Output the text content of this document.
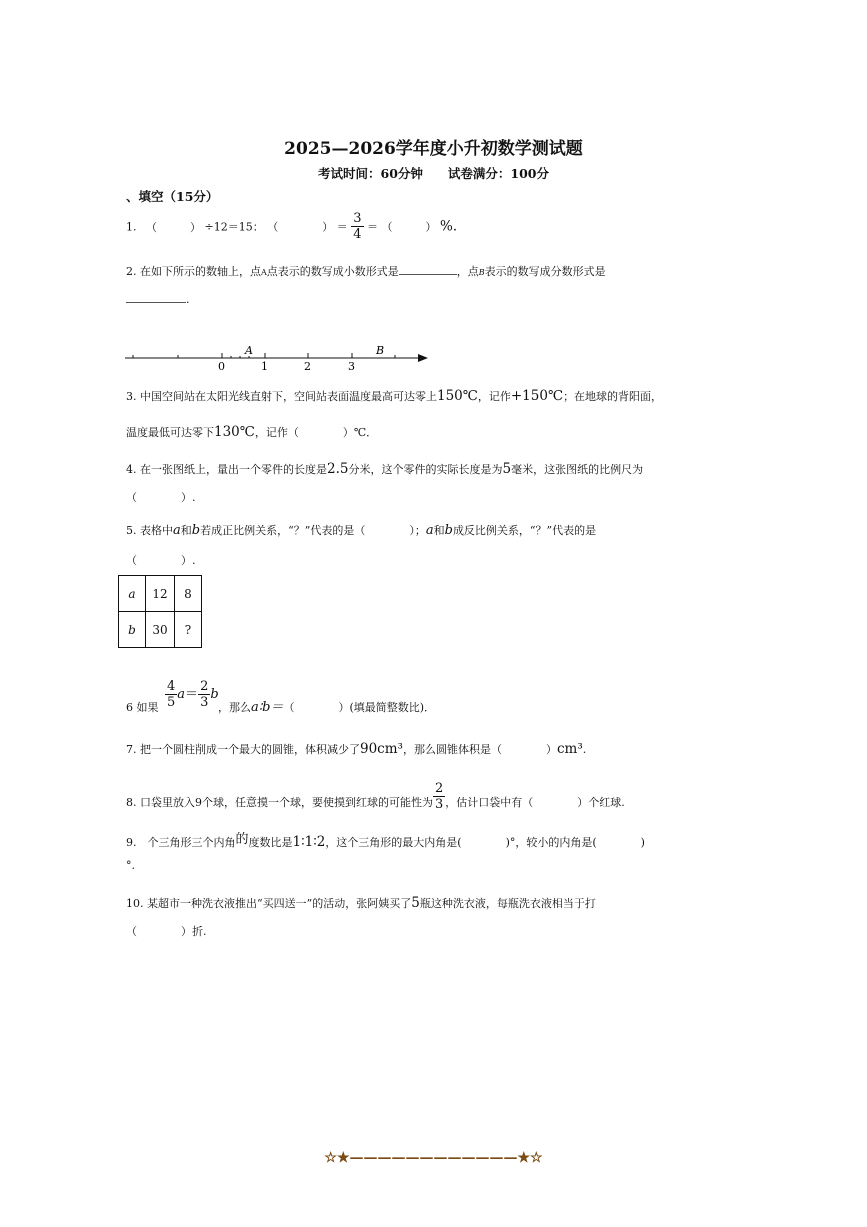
2025—2026学年度小升初数学测试题
考试时间：60分钟　　试卷满分：100分
、填空（15分）
1. （　　　） ÷12＝15： （　　　　） ＝ $\frac{3}{4}$ ＝ （　　　） %．
2. 在如下所示的数轴上，点A点表示的数写成小数形式是	，点B表示的数写成分数形式是
.
0	1	2	3
A	B
3. 中国空间站在太阳光线直射下，空间站表面温度最高可达零上150℃，记作+150℃；在地球的背阳面，
温度最低可达零下130℃，记作（　　　　）℃．
4. 在一张图纸上，量出一个零件的长度是2.5分米，这个零件的实际长度是为5毫米，这张图纸的比例尺为
（　　　　）.
5. 表格中a和b若成正比例关系，“？”代表的是（　　　　）；a和b成反比例关系，“？”代表的是
（　　　　）.
a	12	8
b	30	?
6 如果 $\frac{4}{5} a= \frac{2}{3}$ b
，那么a∶b＝（　　　　）(填最简整数比)．
7. 把一个圆柱削成一个最大的圆锥，体积减少了90cm³，那么圆锥体积是（　　　　）cm³.
8. 口袋里放入9个球，任意摸一个球，要使摸到红球的可能性为 $\frac{2}{3}$ ，估计口袋中有（　　　　）个红球.
9.　个三角形三个内角的度数比是1∶1∶2，这个三角形的最大内角是(　　　　)°，较小的内角是(　　　　)
°.
10. 某超市一种洗衣液推出“买四送一”的活动，张阿姨买了5瓶这种洗衣液，每瓶洗衣液相当于打
（　　　　）折.
☆★————————————★☆
